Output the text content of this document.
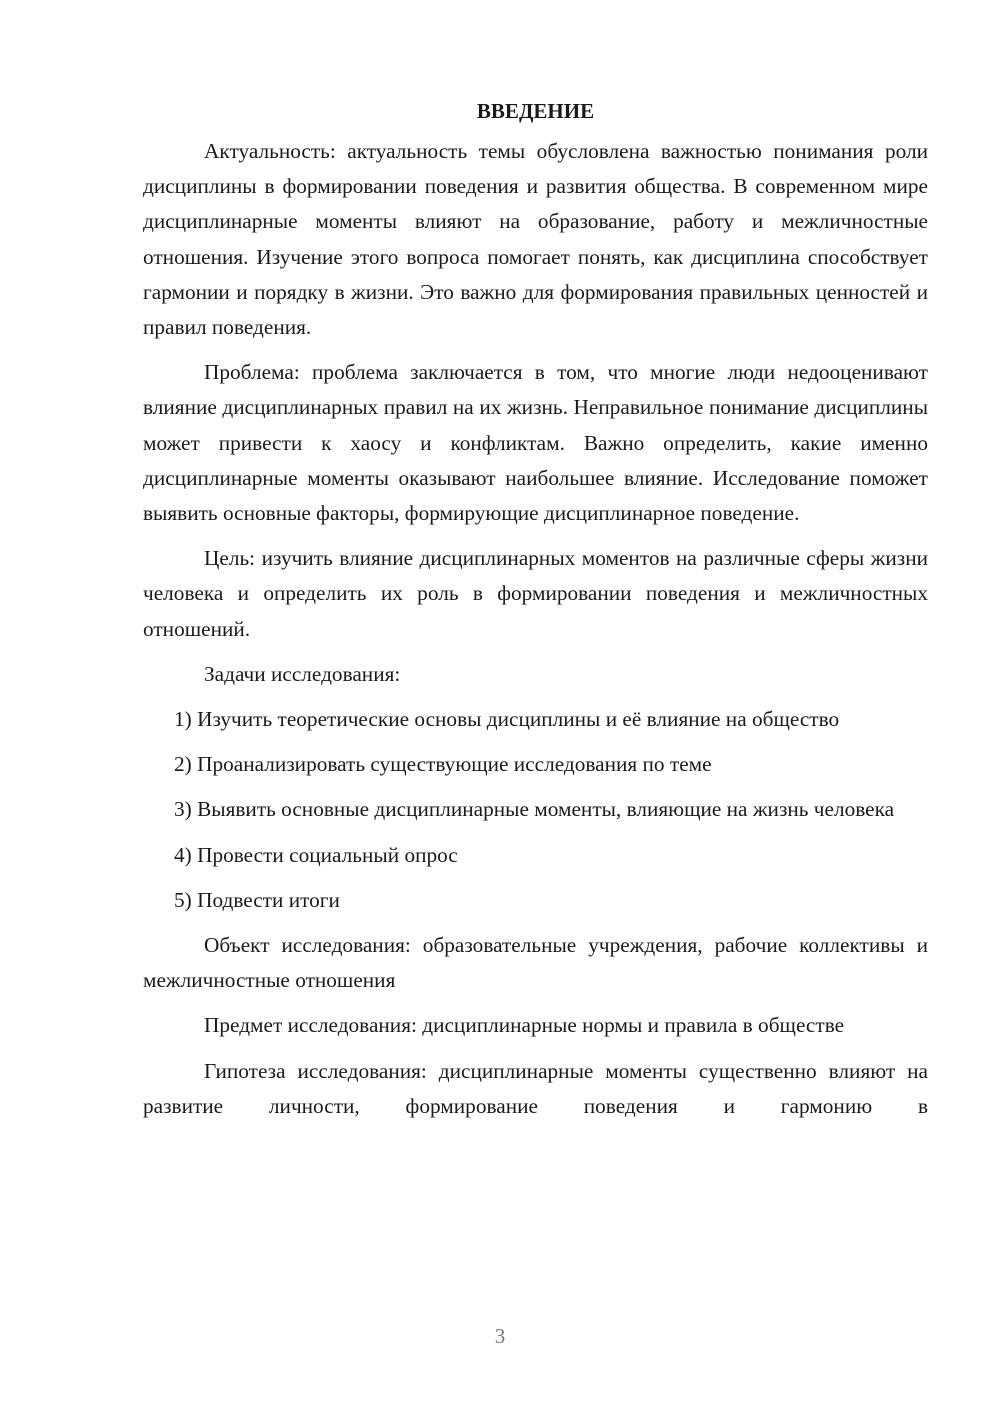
ВВЕДЕНИЕ

Актуальность: актуальность темы обусловлена важностью понимания роли дисциплины в формировании поведения и развития общества. В современном мире дисциплинарные моменты влияют на образование, работу и межличностные отношения. Изучение этого вопроса помогает понять, как дисциплина способствует гармонии и порядку в жизни. Это важно для формирования правильных ценностей и правил поведения.

Проблема: проблема заключается в том, что многие люди недооценивают влияние дисциплинарных правил на их жизнь. Неправильное понимание дисциплины может привести к хаосу и конфликтам. Важно определить, какие именно дисциплинарные моменты оказывают наибольшее влияние. Исследование поможет выявить основные факторы, формирующие дисциплинарное поведение.

Цель: изучить влияние дисциплинарных моментов на различные сферы жизни человека и определить их роль в формировании поведения и межличностных отношений.

Задачи исследования:

1) Изучить теоретические основы дисциплины и её влияние на общество

2) Проанализировать существующие исследования по теме

3) Выявить основные дисциплинарные моменты, влияющие на жизнь человека

4) Провести социальный опрос

5) Подвести итоги

Объект исследования: образовательные учреждения, рабочие коллективы и межличностные отношения

Предмет исследования: дисциплинарные нормы и правила в обществе

Гипотеза исследования: дисциплинарные моменты существенно влияют на развитие личности, формирование поведения и гармонию в

3
